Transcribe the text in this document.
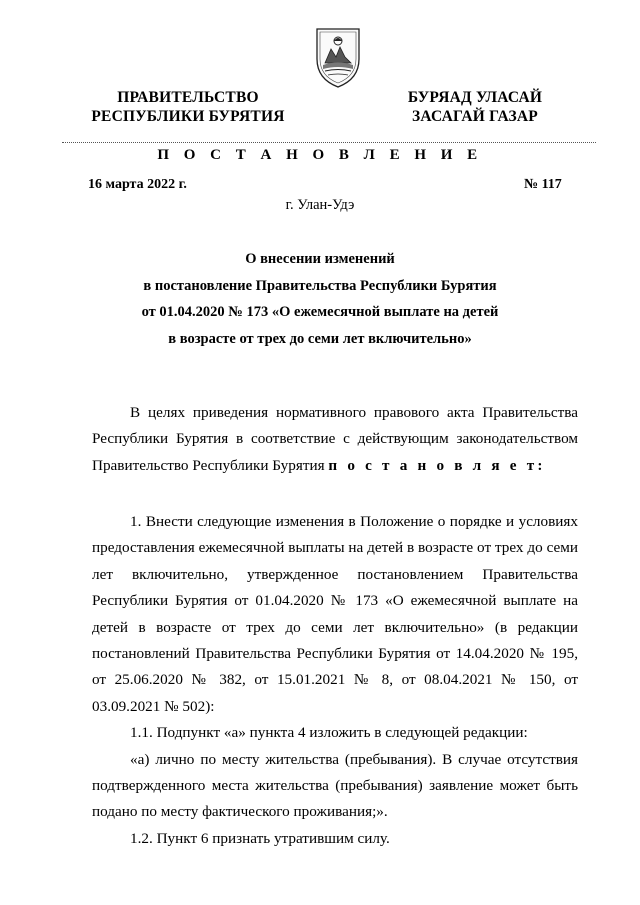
ПРАВИТЕЛЬСТВО
РЕСПУБЛИКИ БУРЯТИЯ
БУРЯАД УЛАСАЙ
ЗАСАГАЙ ГАЗАР
П О С Т А Н О В Л Е Н И Е
16 марта 2022 г.	№ 117
г. Улан-Удэ
О внесении изменений
в постановление Правительства Республики Бурятия
от 01.04.2020 № 173 «О ежемесячной выплате на детей
в возрасте от трех до семи лет включительно»

В целях приведения нормативного правового акта Правительства Республики Бурятия в соответствие с действующим законодательством Правительство Республики Бурятия п о с т а н о в л я е т:

1. Внести следующие изменения в Положение о порядке и условиях предоставления ежемесячной выплаты на детей в возрасте от трех до семи лет включительно, утвержденное постановлением Правительства Республики Бурятия от 01.04.2020 № 173 «О ежемесячной выплате на детей в возрасте от трех до семи лет включительно» (в редакции постановлений Правительства Республики Бурятия от 14.04.2020 № 195, от 25.06.2020 № 382, от 15.01.2021 № 8, от 08.04.2021 № 150, от 03.09.2021 № 502):

1.1. Подпункт «а» пункта 4 изложить в следующей редакции:

«а) лично по месту жительства (пребывания). В случае отсутствия подтвержденного места жительства (пребывания) заявление может быть подано по месту фактического проживания;».

1.2. Пункт 6 признать утратившим силу.
